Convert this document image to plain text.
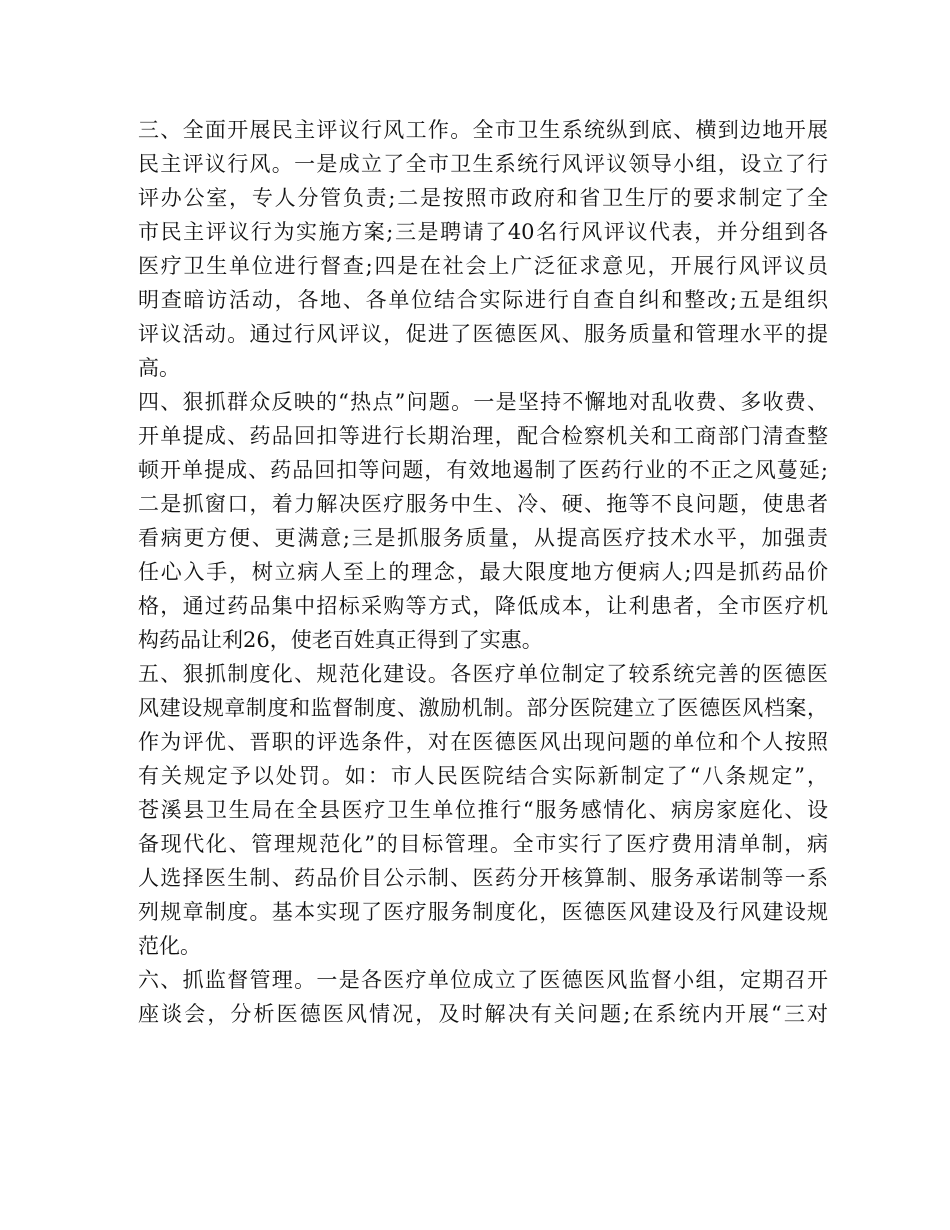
三、全面开展民主评议行风工作。全市卫生系统纵到底、横到边地开展
民主评议行风。一是成立了全市卫生系统行风评议领导小组，设立了行
评办公室，专人分管负责;二是按照市政府和省卫生厅的要求制定了全
市民主评议行为实施方案;三是聘请了40名行风评议代表，并分组到各
医疗卫生单位进行督查;四是在社会上广泛征求意见，开展行风评议员
明查暗访活动，各地、各单位结合实际进行自查自纠和整改;五是组织
评议活动。通过行风评议，促进了医德医风、服务质量和管理水平的提
高。
四、狠抓群众反映的“热点”问题。一是坚持不懈地对乱收费、多收费、
开单提成、药品回扣等进行长期治理，配合检察机关和工商部门清查整
顿开单提成、药品回扣等问题，有效地遏制了医药行业的不正之风蔓延;
二是抓窗口，着力解决医疗服务中生、冷、硬、拖等不良问题，使患者
看病更方便、更满意;三是抓服务质量，从提高医疗技术水平，加强责
任心入手，树立病人至上的理念，最大限度地方便病人;四是抓药品价
格，通过药品集中招标采购等方式，降低成本，让利患者，全市医疗机
构药品让利26，使老百姓真正得到了实惠。
五、狠抓制度化、规范化建设。各医疗单位制定了较系统完善的医德医
风建设规章制度和监督制度、激励机制。部分医院建立了医德医风档案，
作为评优、晋职的评选条件，对在医德医风出现问题的单位和个人按照
有关规定予以处罚。如：市人民医院结合实际新制定了“八条规定”，
苍溪县卫生局在全县医疗卫生单位推行“服务感情化、病房家庭化、设
备现代化、管理规范化”的目标管理。全市实行了医疗费用清单制，病
人选择医生制、药品价目公示制、医药分开核算制、服务承诺制等一系
列规章制度。基本实现了医疗服务制度化，医德医风建设及行风建设规
范化。
六、抓监督管理。一是各医疗单位成立了医德医风监督小组，定期召开
座谈会，分析医德医风情况，及时解决有关问题;在系统内开展“三对
